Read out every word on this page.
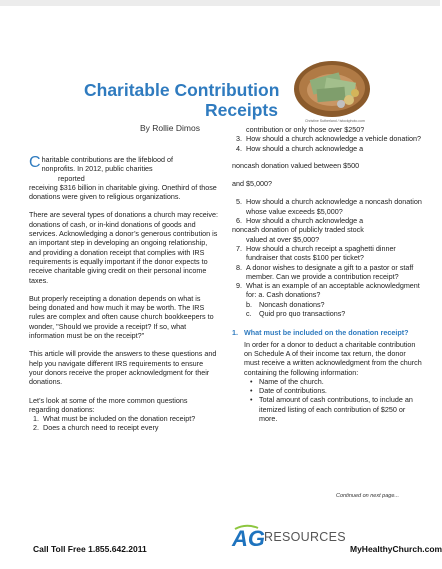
Charitable Contribution
Receipts
By Rollie Dimos
Christine Sutherland / istockphoto.com

C haritable contributions are the lifeblood of
nonprofits. In 2012, public charities
reported
receiving $316 billion in charitable giving. Onethird of those donations were given to religious organizations.

There are several types of donations a church may receive: donations of cash, or in-kind donations of goods and services. Acknowledging a donor’s generous contribution is an important step in developing an ongoing relationship, and providing a donation receipt that complies with IRS requirements is equally important if the donor expects to receive charitable giving credit on their personal income taxes.

But properly receipting a donation depends on what is being donated and how much it may be worth. The IRS rules are complex and often cause church bookkeepers to wonder, "Should we provide a receipt? If so, what information must be on the receipt?"

This article will provide the answers to these questions and help you navigate different IRS requirements to ensure your donors receive the proper acknowledgment for their donations.

Let’s look at some of the more common questions regarding donations:

1. What must be included on the donation receipt?
2. Does a church need to receipt every
contribution or only those over $250?
3. How should a church acknowledge a vehicle donation?
4. How should a church acknowledge a
noncash donation valued between $500
and $5,000?
5. How should a church acknowledge a noncash donation whose value exceeds $5,000?
6. How should a church acknowledge a
noncash donation of publicly traded stock
valued at over $5,000?
7. How should a church receipt a spaghetti dinner fundraiser that costs $100 per ticket?
8. A donor wishes to designate a gift to a pastor or staff member. Can we provide a contribution receipt?
9. What is an example of an acceptable acknowledgment for: a. Cash donations?
b. Noncash donations?
c.	Quid pro quo transactions?
1. What must be included on the donation receipt?
In order for a donor to deduct a charitable contribution on Schedule A of their income tax return, the donor must receive a written acknowledgment from the church containing the following information:
• Name of the church.
• Date of contributions.
• Total amount of cash contributions, to include an itemized listing of each contribution of $250 or more.
Continued on next page...
Call Toll Free 1.855.642.2011	AG RESOURCES
MyHealthyChurch.com
